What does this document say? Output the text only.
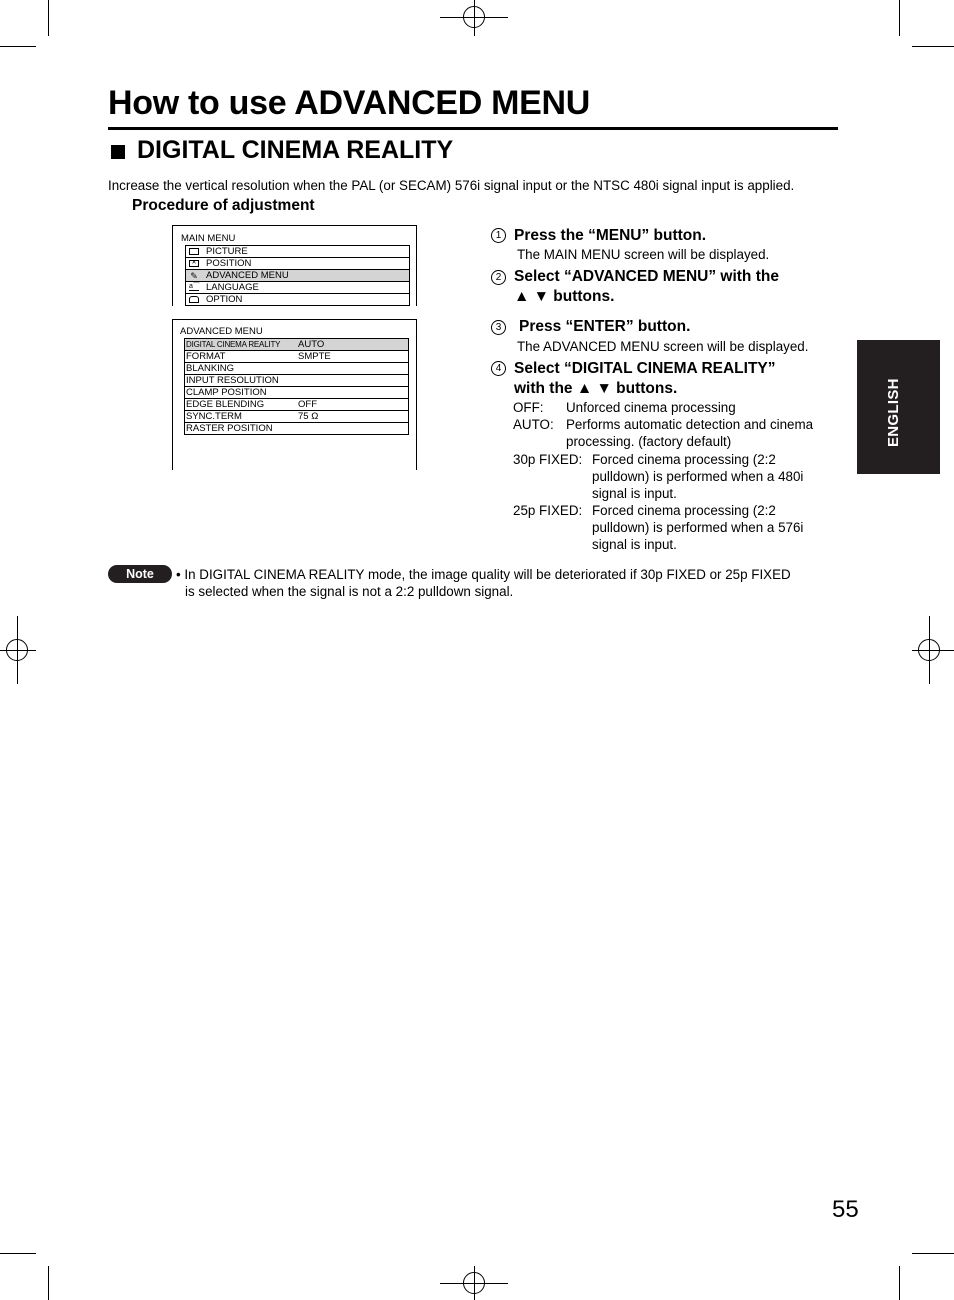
How to use ADVANCED MENU
DIGITAL CINEMA REALITY
Increase the vertical resolution when the PAL (or SECAM) 576i signal input or the NTSC 480i signal input is applied.
Procedure of adjustment
MAIN MENU
PICTURE
✕ POSITION
✎ ADVANCED MENU
a⌒ LANGUAGE
OPTION
ADVANCED MENU
DIGITAL CINEMA REALITY AUTO
FORMAT	SMPTE
BLANKING
INPUT RESOLUTION
CLAMP POSITION
EDGE BLENDING	OFF
SYNC.TERM	75 Ω
RASTER POSITION
1 Press the “MENU” button.
The MAIN MENU screen will be displayed.
2 Select “ADVANCED MENU” with the
▲ ▼ buttons.
3	Press “ENTER” button.
The ADVANCED MENU screen will be displayed.
4 Select “DIGITAL CINEMA REALITY”
with the ▲ ▼ buttons.
OFF: Unforced cinema processing
AUTO: Performs automatic detection and cinema
processing. (factory default)
30p FIXED: Forced cinema processing (2:2
pulldown) is performed when a 480i
signal is input.
25p FIXED: Forced cinema processing (2:2
pulldown) is performed when a 576i
signal is input.
ENGLISH
Note	• In DIGITAL CINEMA REALITY mode, the image quality will be deteriorated if 30p FIXED or 25p FIXED
is selected when the signal is not a 2:2 pulldown signal.
55
